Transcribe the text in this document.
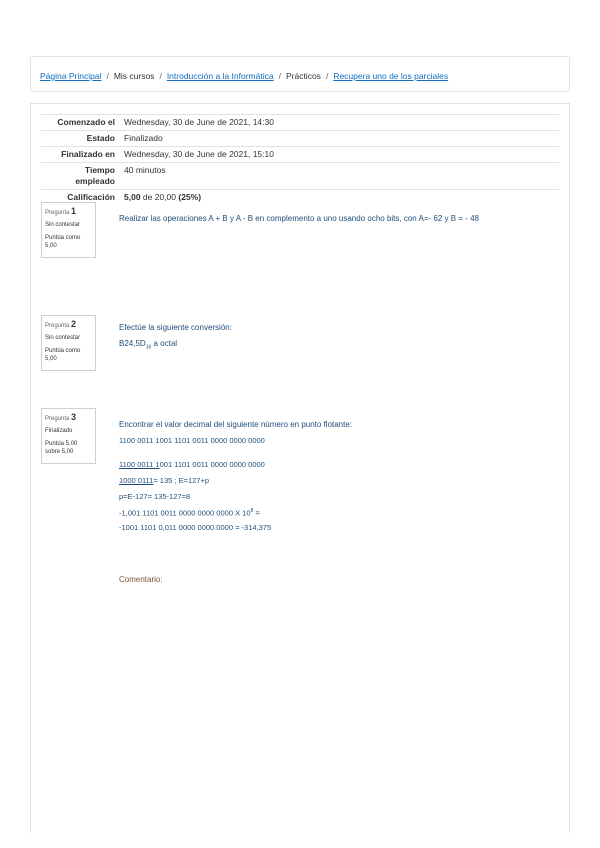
Página Principal / Mis cursos / Introducción a la Informática / Prácticos / Recupera uno de los parciales
Comenzado el	Wednesday, 30 de June de 2021, 14:30
Estado	Finalizado
Finalizado en	Wednesday, 30 de June de 2021, 15:10
Tiempo
empleado	40 minutos
Calificación	5,00 de 20,00 (25%)
Pregunta 1
Sin contestar
Puntúa como 5,00
Realizar las operaciones A + B y A - B en complemento a uno usando ocho bits, con A=- 62 y B = - 48
Pregunta 2
Sin contestar
Puntúa como 5,00
Efectúe la siguiente conversión:
$B24,5D_{16}$ a octal
Pregunta 3
Finalizado
Puntúa 5,00 sobre 5,00
Encontrar el valor decimal del siguiente número en punto flotante:
1100 0011 1001 1101 0011 0000 0000 0000
1100 0011 1001 1101 0011 0000 0000 0000
1000 0111= 135 ; E=127+p
p=E-127= 135-127=8
-1,001 1101 0011 0000 0000 0000 X $10^8$ =
-1001 1101 0,011 0000 0000 0000 = -314,375
Comentario:
